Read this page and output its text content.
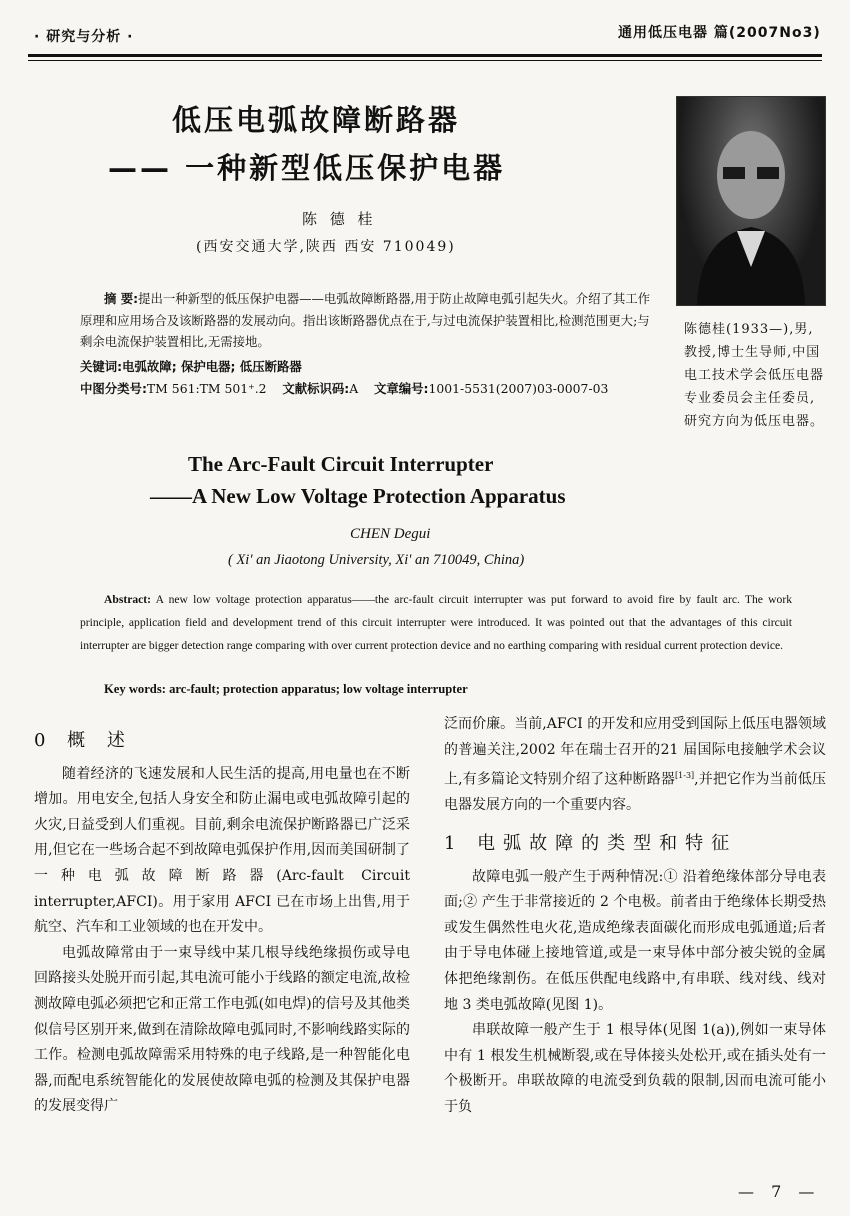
· 研究与分析 ·	通用低压电器 篇(2007No3)
低压电弧故障断路器
—— 一种新型低压保护电器
陈 德 桂
(西安交通大学,陕西 西安 710049)
摘 要:提出一种新型的低压保护电器——电弧故障断路器,用于防止故障电弧引起失火。介绍了其工作原理和应用场合及该断路器的发展动向。指出该断路器优点在于,与过电流保护装置相比,检测范围更大;与剩余电流保护装置相比,无需接地。
关键词:电弧故障; 保护电器; 低压断路器
中图分类号:TM 561:TM 501⁺.2 文献标识码:A 文章编号:1001-5531(2007)03-0007-03
陈德桂(1933—),男,教授,博士生导师,中国电工技术学会低压电器专业委员会主任委员,研究方向为低压电器。
The Arc-Fault Circuit Interrupter
——A New Low Voltage Protection Apparatus
CHEN Degui
( Xi' an Jiaotong University, Xi' an 710049, China)
Abstract: A new low voltage protection apparatus——the arc-fault circuit interrupter was put forward to avoid fire by fault arc. The work principle, application field and development trend of this circuit interrupter were introduced. It was pointed out that the advantages of this circuit interrupter are bigger detection range comparing with over current protection device and no earthing comparing with residual current protection device.
Key words: arc-fault; protection apparatus; low voltage interrupter

0 概 述

随着经济的飞速发展和人民生活的提高,用电量也在不断增加。用电安全,包括人身安全和防止漏电或电弧故障引起的火灾,日益受到人们重视。目前,剩余电流保护断路器已广泛采用,但它在一些场合起不到故障电弧保护作用,因而美国研制了一种电弧故障断路器(Arc-fault Circuit interrupter,AFCI)。用于家用 AFCI 已在市场上出售,用于航空、汽车和工业领域的也在开发中。

电弧故障常由于一束导线中某几根导线绝缘损伤或导电回路接头处脱开而引起,其电流可能小于线路的额定电流,故检测故障电弧必须把它和正常工作电弧(如电焊)的信号及其他类似信号区别开来,做到在清除故障电弧同时,不影响线路实际的工作。检测电弧故障需采用特殊的电子线路,是一种智能化电器,而配电系统智能化的发展使故障电弧的检测及其保护电器的发展变得广

泛而价廉。当前,AFCI 的开发和应用受到国际上低压电器领域的普遍关注,2002 年在瑞士召开的21 届国际电接触学术会议上,有多篇论文特别介绍了这种断路器[1-3],并把它作为当前低压电器发展方向的一个重要内容。

1 电弧故障的类型和特征

故障电弧一般产生于两种情况:① 沿着绝缘体部分导电表面;② 产生于非常接近的 2 个电极。前者由于绝缘体长期受热或发生偶然性电火花,造成绝缘表面碳化而形成电弧通道;后者由于导电体碰上接地管道,或是一束导体中部分被尖锐的金属体把绝缘割伤。在低压供配电线路中,有串联、线对线、线对地 3 类电弧故障(见图 1)。

串联故障一般产生于 1 根导体(见图 1(a)),例如一束导体中有 1 根发生机械断裂,或在导体接头处松开,或在插头处有一个极断开。串联故障的电流受到负载的限制,因而电流可能小于负

— 7 —
